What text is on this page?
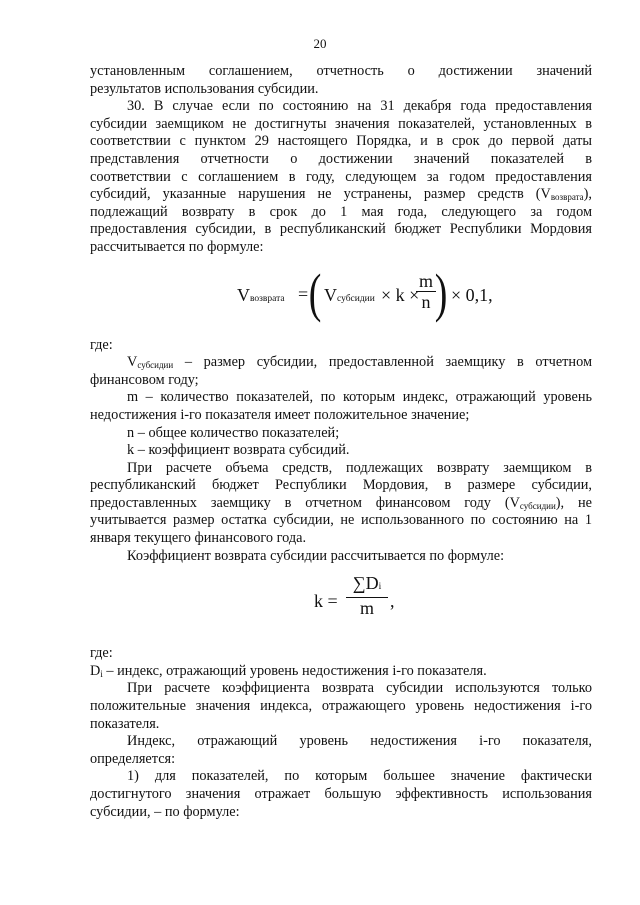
20
установленным соглашением, отчетность о достижении значений
результатов использования субсидии.
30. В случае если по состоянию на 31 декабря года предоставления
субсидии заемщиком не достигнуты значения показателей, установленных в
соответствии с пунктом 29 настоящего Порядка, и в срок до первой даты
представления отчетности о достижении значений показателей в
соответствии с соглашением в году, следующем за годом предоставления
субсидий, указанные нарушения не устранены, размер средств $(V_{возврата})$,
подлежащий возврату в срок до 1 мая года, следующего за годом
предоставления субсидии, в республиканский бюджет Республики Мордовия
рассчитывается по формуле:
Vвозврата = ( Vсубсидии × k ×
m
n ) × 0,1,
где:
$V_{субсидии}$ – размер субсидии, предоставленной заемщику в отчетном
финансовом году;
m – количество показателей, по которым индекс, отражающий уровень
недостижения i-го показателя имеет положительное значение;
n – общее количество показателей;
k – коэффициент возврата субсидий.
При расчете объема средств, подлежащих возврату заемщиком в
республиканский бюджет Республики Мордовия, в размере субсидии,
предоставленных заемщику в отчетном финансовом году $(V_{субсидии})$, не
учитывается размер остатка субсидии, не использованного по состоянию на 1
января текущего финансового года.
Коэффициент возврата субсидии рассчитывается по формуле:
k =
∑Di
m ,
где:
$D_i$ – индекс, отражающий уровень недостижения i-го показателя.
При расчете коэффициента возврата субсидии используются только
положительные значения индекса, отражающего уровень недостижения i-го
показателя.
Индекс, отражающий уровень недостижения i-го показателя,
определяется:
1) для показателей, по которым большее значение фактически
достигнутого значения отражает большую эффективность использования
субсидии, – по формуле:
